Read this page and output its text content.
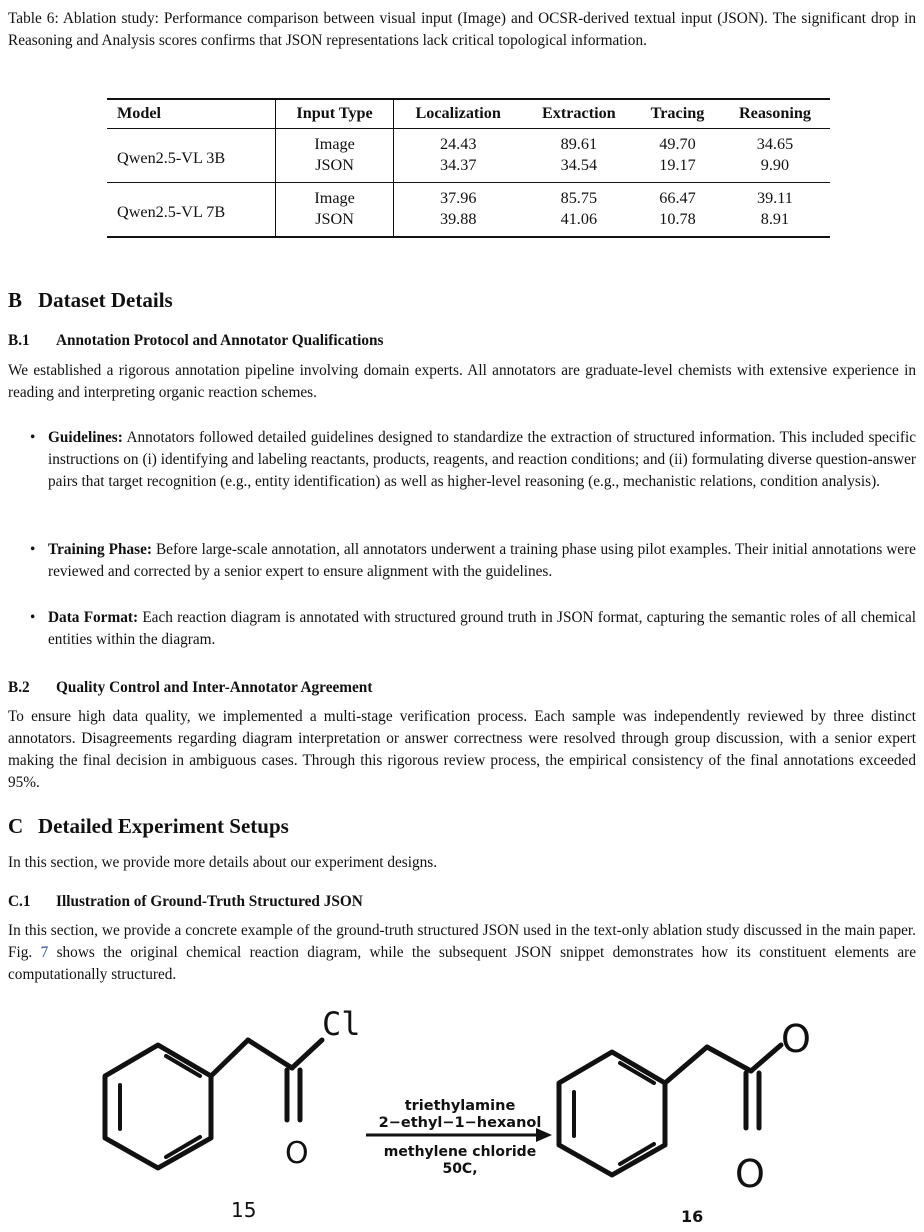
Table 6: Ablation study: Performance comparison between visual input (Image) and OCSR-derived textual input (JSON). The significant drop in Reasoning and Analysis scores confirms that JSON representations lack critical topological information.
Model	Input Type	Localization	Extraction	Tracing	Reasoning
Qwen2.5-VL 3B	Image	24.43	89.61	49.70	34.65
	JSON	34.37	34.54	19.17	9.90
Qwen2.5-VL 7B	Image	37.96	85.75	66.47	39.11
	JSON	39.88	41.06	10.78	8.91
B Dataset Details
B.1 Annotation Protocol and Annotator Qualifications

We established a rigorous annotation pipeline involving domain experts. All annotators are graduate-level chemists with extensive experience in reading and interpreting organic reaction schemes.

• Guidelines: Annotators followed detailed guidelines designed to standardize the extraction of structured information. This included specific instructions on (i) identifying and labeling reactants, products, reagents, and reaction conditions; and (ii) formulating diverse question-answer pairs that target recognition (e.g., entity identification) as well as higher-level reasoning (e.g., mechanistic relations, condition analysis).
• Training Phase: Before large-scale annotation, all annotators underwent a training phase using pilot examples. Their initial annotations were reviewed and corrected by a senior expert to ensure alignment with the guidelines.
• Data Format: Each reaction diagram is annotated with structured ground truth in JSON format, capturing the semantic roles of all chemical entities within the diagram.
B.2 Quality Control and Inter-Annotator Agreement

To ensure high data quality, we implemented a multi-stage verification process. Each sample was independently reviewed by three distinct annotators. Disagreements regarding diagram interpretation or answer correctness were resolved through group discussion, with a senior expert making the final decision in ambiguous cases. Through this rigorous review process, the empirical consistency of the final annotations exceeded 95%.

C Detailed Experiment Setups

In this section, we provide more details about our experiment designs.

C.1 Illustration of Ground-Truth Structured JSON

In this section, we provide a concrete example of the ground-truth structured JSON used in the text-only ablation study discussed in the main paper. Fig. 7 shows the original chemical reaction diagram, while the subsequent JSON snippet demonstrates how its constituent elements are computationally structured.

Cl
O
15
triethylamine
2−ethyl−1−hexanol
methylene chloride
50C,
O
O
16
